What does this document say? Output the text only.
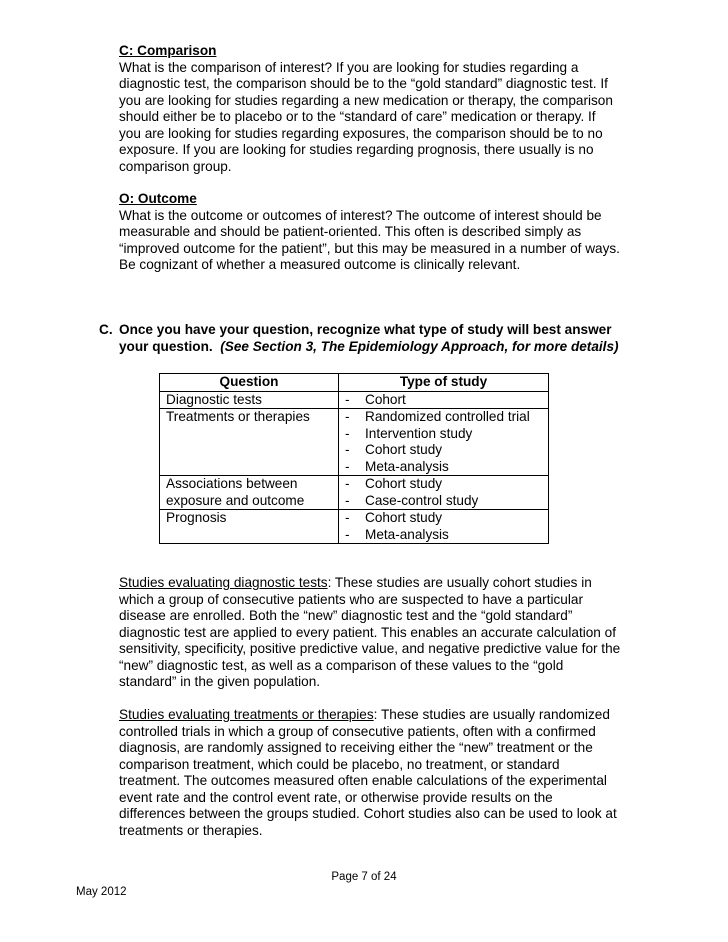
C: Comparison
What is the comparison of interest? If you are looking for studies regarding a
diagnostic test, the comparison should be to the “gold standard” diagnostic test. If
you are looking for studies regarding a new medication or therapy, the comparison
should either be to placebo or to the “standard of care” medication or therapy. If
you are looking for studies regarding exposures, the comparison should be to no
exposure. If you are looking for studies regarding prognosis, there usually is no
comparison group.
O: Outcome
What is the outcome or outcomes of interest? The outcome of interest should be
measurable and should be patient-oriented. This often is described simply as
“improved outcome for the patient”, but this may be measured in a number of ways.
Be cognizant of whether a measured outcome is clinically relevant.
C. Once you have your question, recognize what type of study will best answer
your question. (See Section 3, The Epidemiology Approach, for more details)
Question	Type of study

Diagnostic tests	- Cohort

Treatments or therapies	- Randomized controlled trial
- Intervention study
- Cohort study
- Meta-analysis

Associations between
exposure and outcome	- Cohort study
- Case-control study

Prognosis	- Cohort study
- Meta-analysis
Studies evaluating diagnostic tests: These studies are usually cohort studies in
which a group of consecutive patients who are suspected to have a particular
disease are enrolled. Both the “new” diagnostic test and the “gold standard”
diagnostic test are applied to every patient. This enables an accurate calculation of
sensitivity, specificity, positive predictive value, and negative predictive value for the
“new” diagnostic test, as well as a comparison of these values to the “gold
standard” in the given population.
Studies evaluating treatments or therapies: These studies are usually randomized
controlled trials in which a group of consecutive patients, often with a confirmed
diagnosis, are randomly assigned to receiving either the “new” treatment or the
comparison treatment, which could be placebo, no treatment, or standard
treatment. The outcomes measured often enable calculations of the experimental
event rate and the control event rate, or otherwise provide results on the
differences between the groups studied. Cohort studies also can be used to look at
treatments or therapies.
Page 7 of 24
May 2012
